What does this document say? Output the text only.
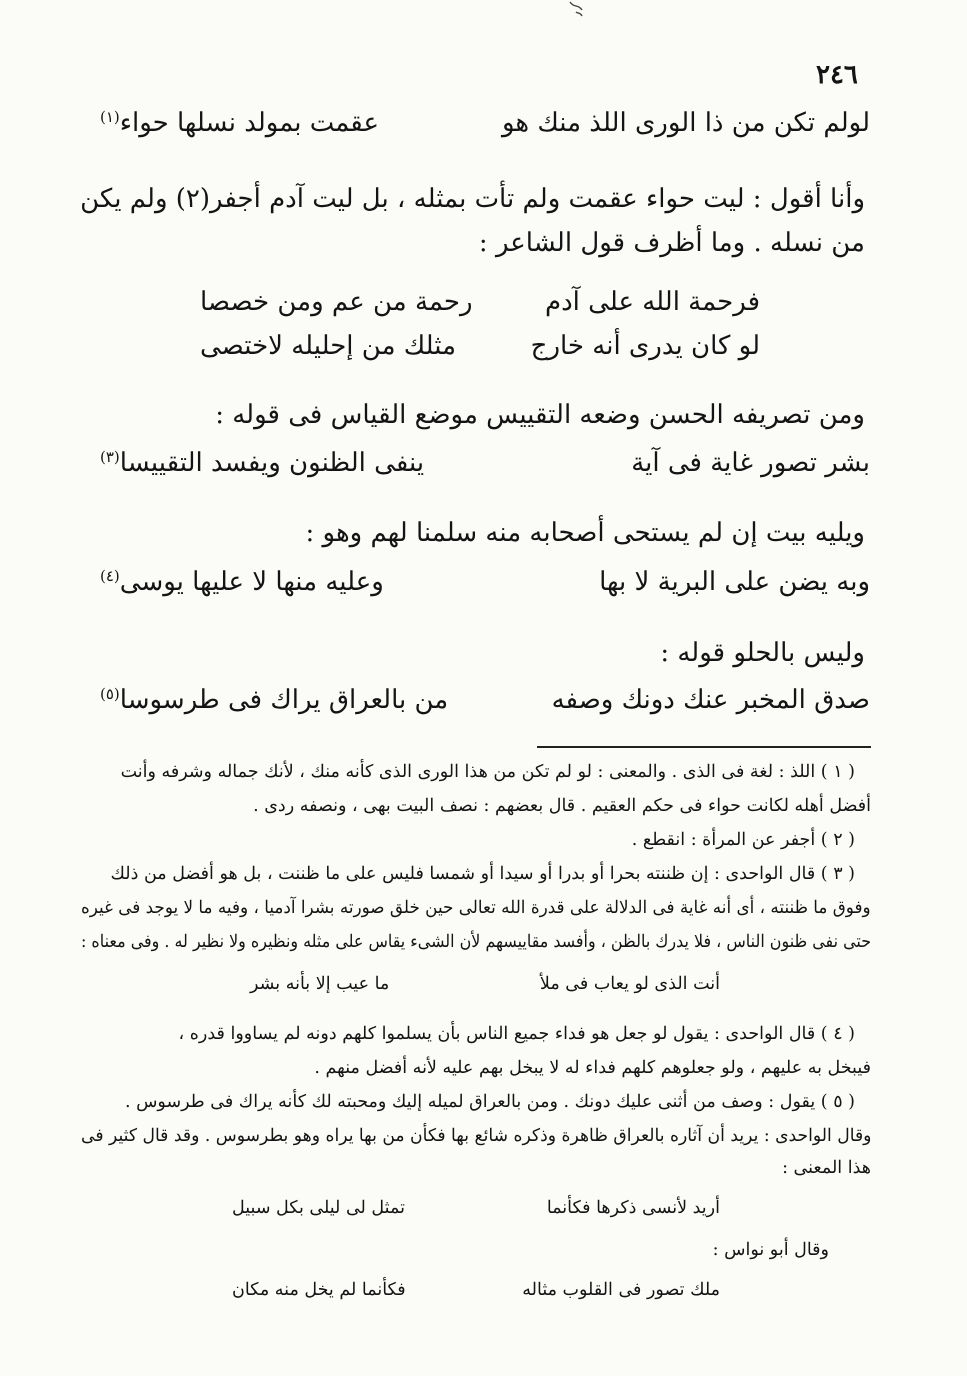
٢٤٦
لولم تكن من ذا الورى اللذ منك هو
عقمت بمولد نسلها حواء
(١)
وأنا أقول : ليت حواء عقمت ولم تأت بمثله ، بل ليت آدم أجفر(٢) ولم يكن
من نسله . وما أظرف قول الشاعر :
فرحمة الله على آدم
رحمة من عم ومن خصصا
لو كان يدرى أنه خارج
مثلك من إحليله لاختصى
ومن تصريفه الحسن وضعه التقييس موضع القياس فى قوله :
بشر تصور غاية فى آية
ينفى الظنون ويفسد التقييسا
(٣)
ويليه بيت إن لم يستحى أصحابه منه سلمنا لهم وهو :
وبه يضن على البرية لا بها
وعليه منها لا عليها يوسى
(٤)
وليس بالحلو قوله :
صدق المخبر عنك دونك وصفه
من بالعراق يراك فى طرسوسا
(٥)
( ١ ) اللذ : لغة فى الذى . والمعنى : لو لم تكن من هذا الورى الذى كأنه منك ، لأنك جماله وشرفه وأنت
أفضل أهله لكانت حواء فى حكم العقيم . قال بعضهم : نصف البيت بهى ، ونصفه ردى .
( ٢ ) أجفر عن المرأة : انقطع .
( ٣ ) قال الواحدى : إن ظننته بحرا أو بدرا أو سيدا أو شمسا فليس على ما ظننت ، بل هو أفضل من ذلك
وفوق ما ظننته ، أى أنه غاية فى الدلالة على قدرة الله تعالى حين خلق صورته بشرا آدميا ، وفيه ما لا يوجد فى غيره
حتى نفى ظنون الناس ، فلا يدرك بالظن ، وأفسد مقاييسهم لأن الشىء يقاس على مثله ونظيره ولا نظير له . وفى معناه :
أنت الذى لو يعاب فى ملأ
ما عيب إلا بأنه بشر
( ٤ ) قال الواحدى : يقول لو جعل هو فداء جميع الناس بأن يسلموا كلهم دونه لم يساووا قدره ،
فيبخل به عليهم ، ولو جعلوهم كلهم فداء له لا يبخل بهم عليه لأنه أفضل منهم .
( ٥ ) يقول : وصف من أثنى عليك دونك . ومن بالعراق لميله إليك ومحبته لك كأنه يراك فى طرسوس .
وقال الواحدى : يريد أن آثاره بالعراق ظاهرة وذكره شائع بها فكأن من بها يراه وهو بطرسوس . وقد قال كثير فى
هذا المعنى :
أريد لأنسى ذكرها فكأنما
تمثل لى ليلى بكل سبيل
وقال أبو نواس :
ملك تصور فى القلوب مثاله
فكأنما لم يخل منه مكان
